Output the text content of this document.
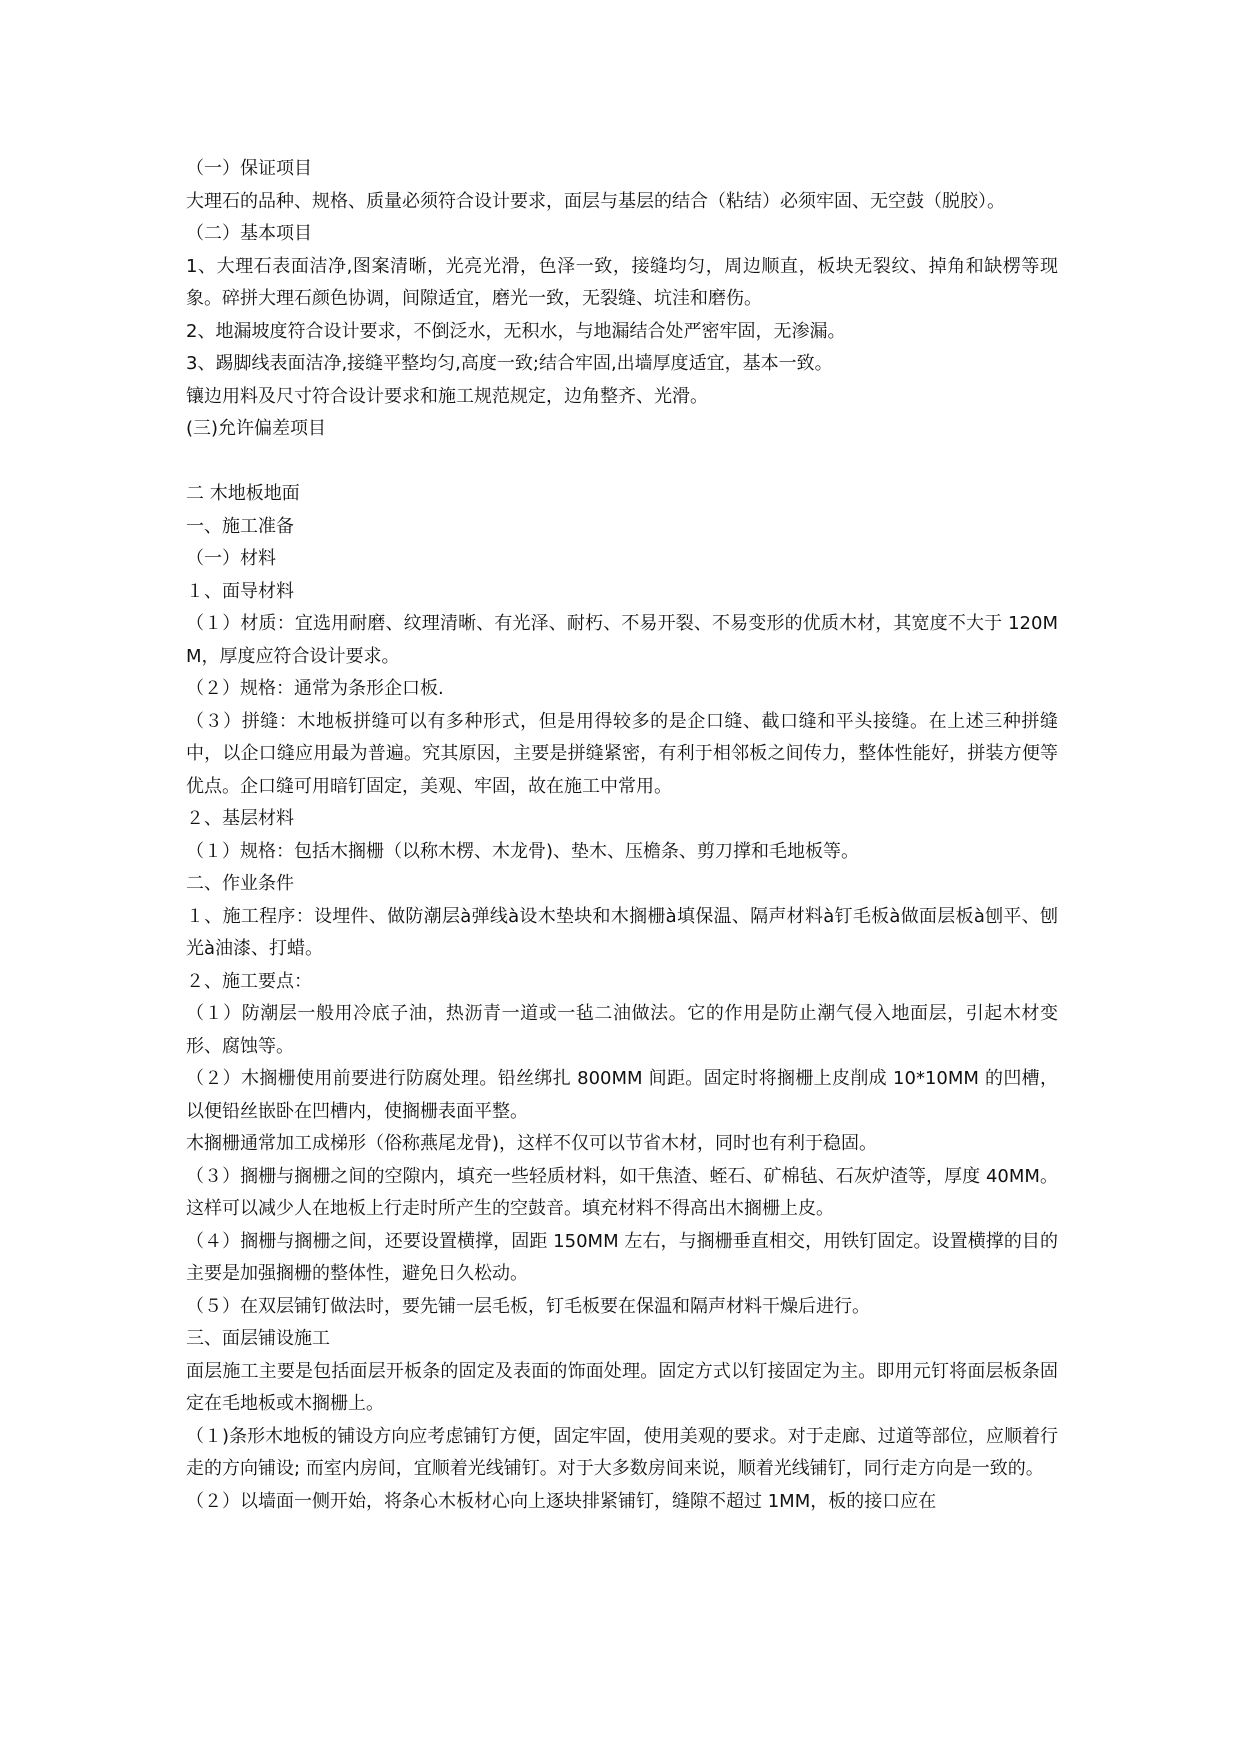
（一）保证项目

大理石的品种、规格、质量必须符合设计要求，面层与基层的结合（粘结）必须牢固、无空鼓（脱胶）。

（二）基本项目

1、大理石表面洁净,图案清晰，光亮光滑，色泽一致，接缝均匀，周边顺直，板块无裂纹、掉角和缺楞等现象。碎拼大理石颜色协调，间隙适宜，磨光一致，无裂缝、坑洼和磨伤。

2、地漏坡度符合设计要求，不倒泛水，无积水，与地漏结合处严密牢固，无渗漏。

3、踢脚线表面洁净,接缝平整均匀,高度一致;结合牢固,出墙厚度适宜，基本一致。

镶边用料及尺寸符合设计要求和施工规范规定，边角整齐、光滑。

(三)允许偏差项目

二 木地板地面

一、施工准备

（一）材料

１、面导材料

（１）材质：宜选用耐磨、纹理清晰、有光泽、耐朽、不易开裂、不易变形的优质木材，其宽度不大于 120MM，厚度应符合设计要求。

（２）规格：通常为条形企口板.

（３）拼缝：木地板拼缝可以有多种形式，但是用得较多的是企口缝、截口缝和平头接缝。在上述三种拼缝中，以企口缝应用最为普遍。究其原因，主要是拼缝紧密，有利于相邻板之间传力，整体性能好，拼装方便等优点。企口缝可用暗钉固定，美观、牢固，故在施工中常用。

２、基层材料

（１）规格：包括木搁栅（以称木楞、木龙骨)、垫木、压檐条、剪刀撑和毛地板等。

二、作业条件

１、施工程序：设埋件、做防潮层à弹线à设木垫块和木搁栅à填保温、隔声材料à钉毛板à做面层板à刨平、刨光à油漆、打蜡。

２、施工要点：

（１）防潮层一般用冷底子油，热沥青一道或一毡二油做法。它的作用是防止潮气侵入地面层，引起木材变形、腐蚀等。

（２）木搁栅使用前要进行防腐处理。铅丝绑扎 800MM 间距。固定时将搁栅上皮削成 10*10MM 的凹槽，以便铅丝嵌卧在凹槽内，使搁栅表面平整。

木搁栅通常加工成梯形（俗称燕尾龙骨)，这样不仅可以节省木材，同时也有利于稳固。

（３）搁栅与搁栅之间的空隙内，填充一些轻质材料，如干焦渣、蛭石、矿棉毡、石灰炉渣等，厚度 40MM。这样可以减少人在地板上行走时所产生的空鼓音。填充材料不得高出木搁栅上皮。

（４）搁栅与搁栅之间，还要设置横撑，固距 150MM 左右，与搁栅垂直相交，用铁钉固定。设置横撑的目的主要是加强搁栅的整体性，避免日久松动。

（５）在双层铺钉做法时，要先铺一层毛板，钉毛板要在保温和隔声材料干燥后进行。

三、面层铺设施工

面层施工主要是包括面层开板条的固定及表面的饰面处理。固定方式以钉接固定为主。即用元钉将面层板条固定在毛地板或木搁栅上。

（１)条形木地板的铺设方向应考虑铺钉方便，固定牢固，使用美观的要求。对于走廊、过道等部位，应顺着行走的方向铺设; 而室内房间，宜顺着光线铺钉。对于大多数房间来说，顺着光线铺钉，同行走方向是一致的。

（２）以墙面一侧开始，将条心木板材心向上逐块排紧铺钉，缝隙不超过 1MM，板的接口应在
